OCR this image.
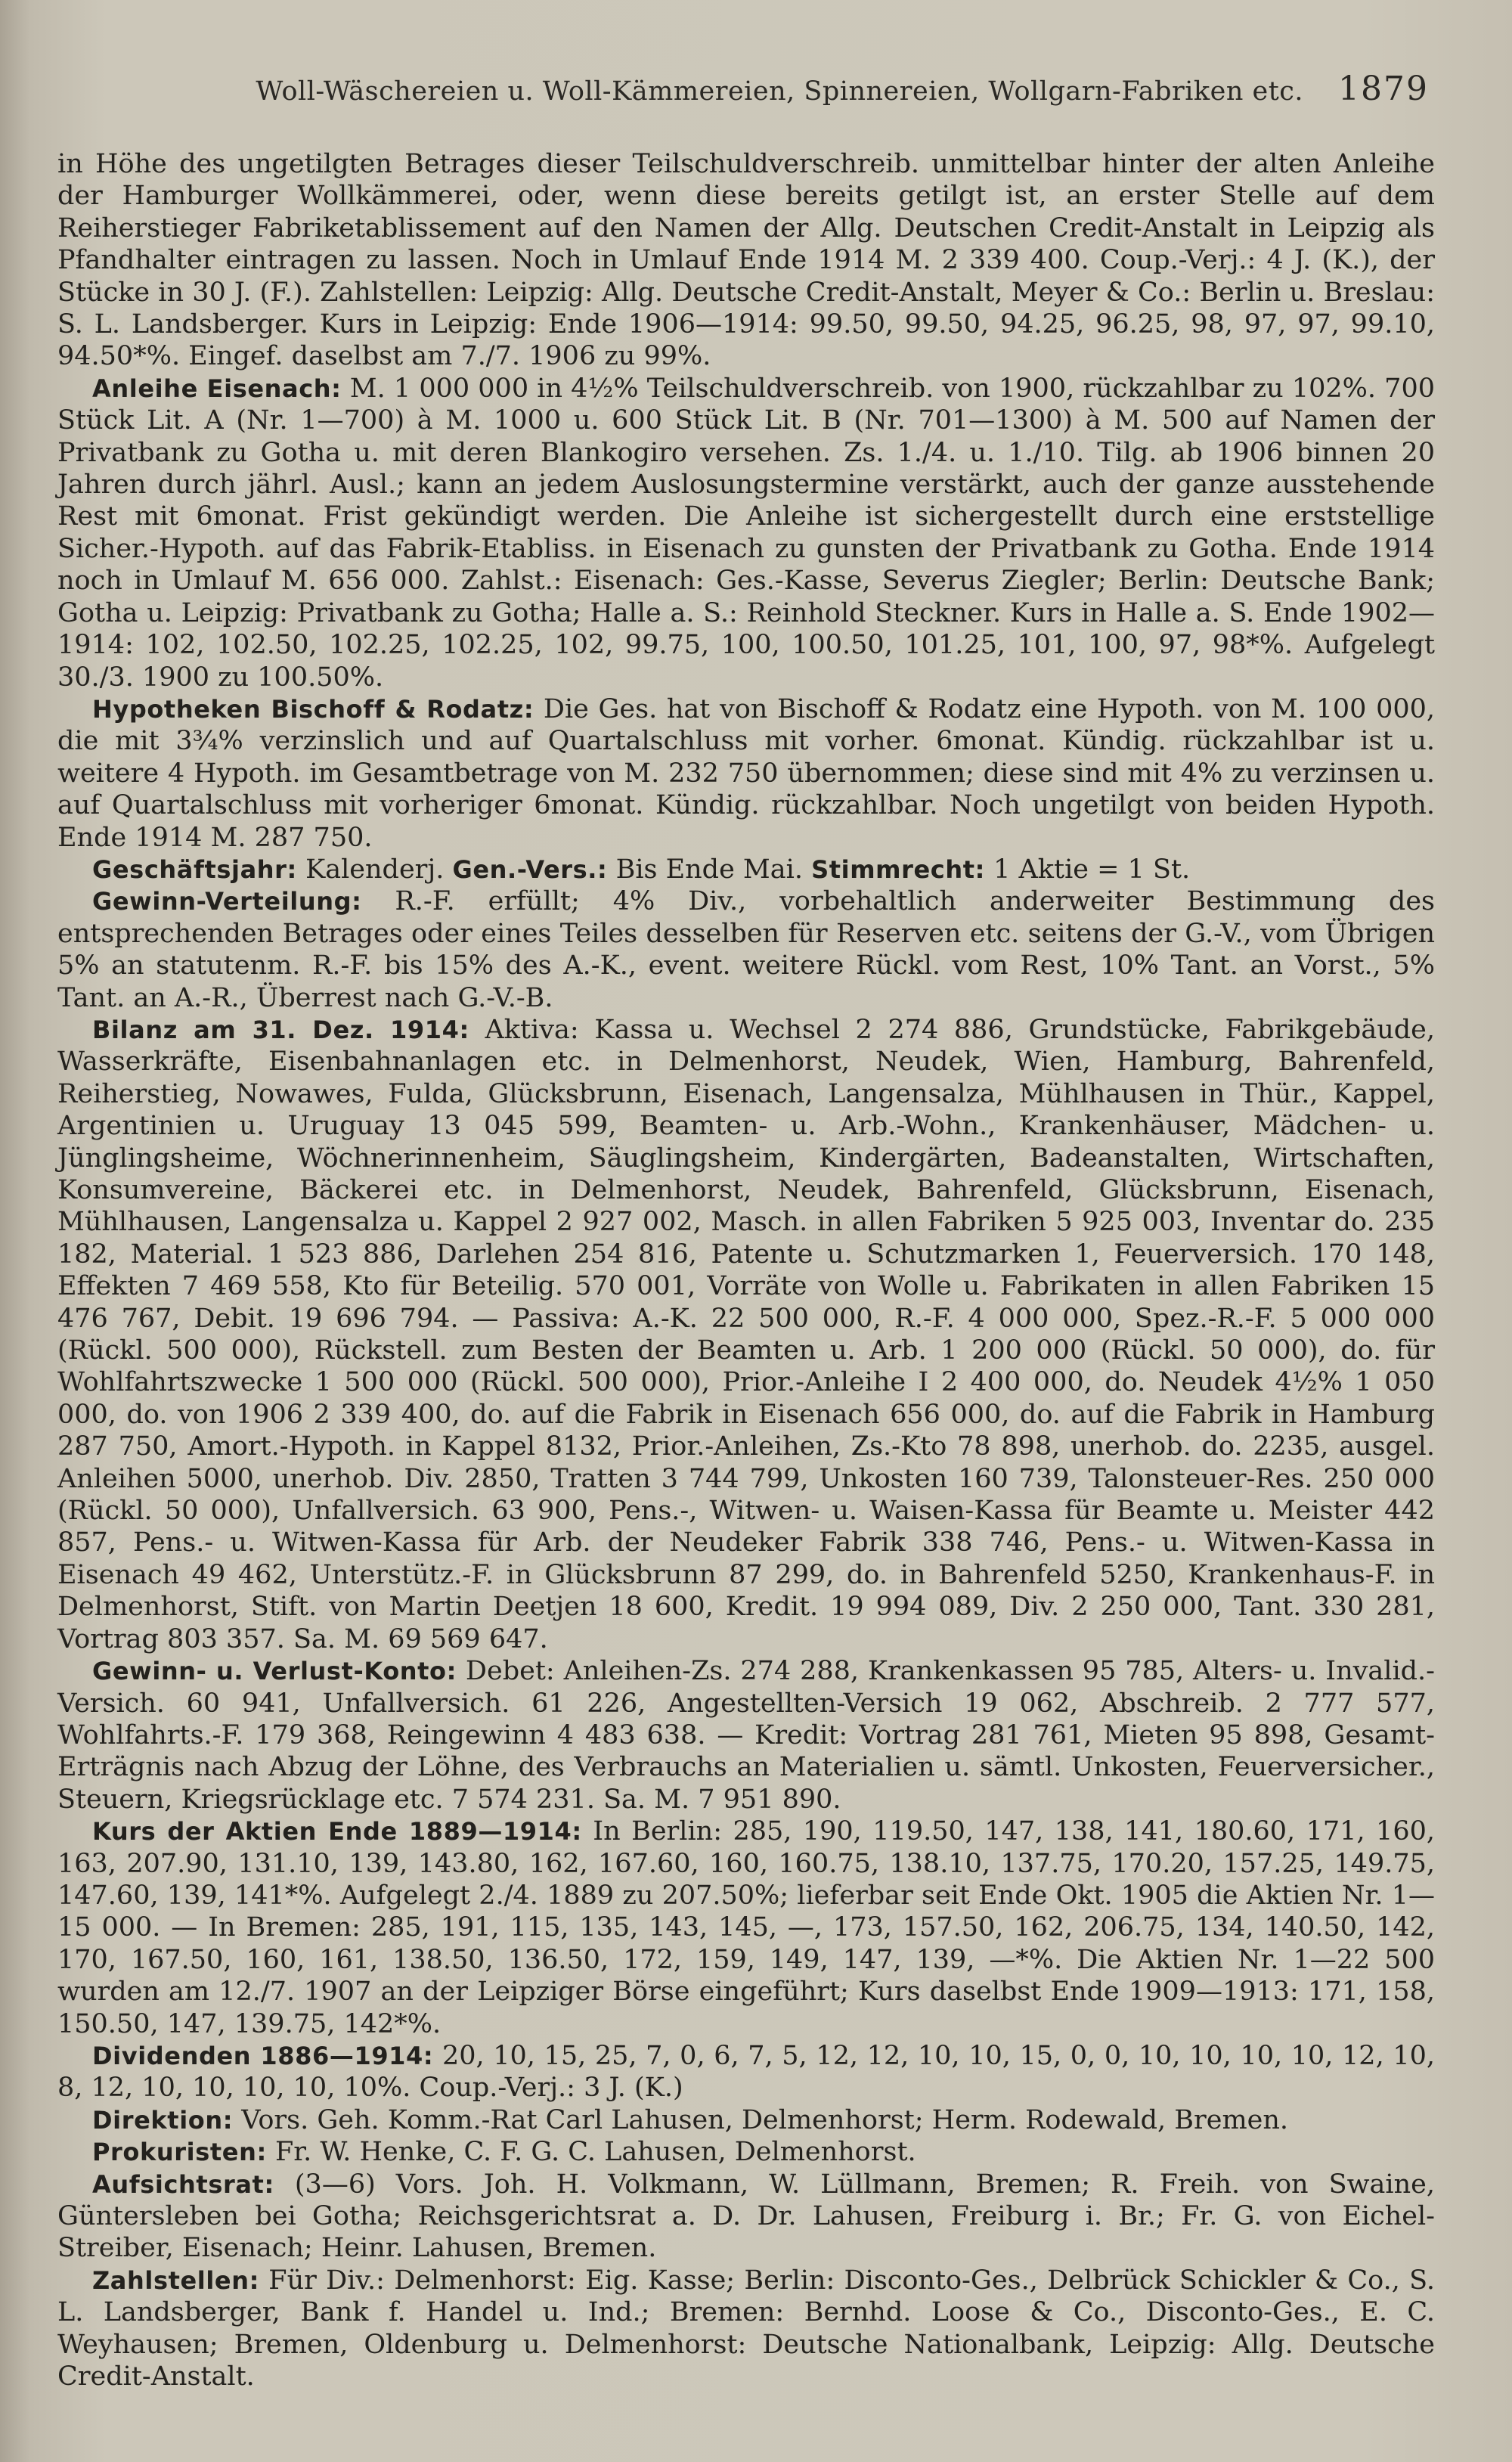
Woll-Wäschereien u. Woll-Kämmereien, Spinnereien, Wollgarn-Fabriken etc. 1879

in Höhe des ungetilgten Betrages dieser Teilschuldverschreib. unmittelbar hinter der alten Anleihe der Hamburger Wollkämmerei, oder, wenn diese bereits getilgt ist, an erster Stelle auf dem Reiherstieger Fabriketablissement auf den Namen der Allg. Deutschen Credit-Anstalt in Leipzig als Pfandhalter eintragen zu lassen. Noch in Umlauf Ende 1914 M. 2 339 400. Coup.-Verj.: 4 J. (K.), der Stücke in 30 J. (F.). Zahlstellen: Leipzig: Allg. Deutsche Credit-Anstalt, Meyer & Co.: Berlin u. Breslau: S. L. Landsberger. Kurs in Leipzig: Ende 1906—1914: 99.50, 99.50, 94.25, 96.25, 98, 97, 97, 99.10, 94.50*%. Eingef. daselbst am 7./7. 1906 zu 99%.

Anleihe Eisenach: M. 1 000 000 in 4½% Teilschuldverschreib. von 1900, rückzahlbar zu 102%. 700 Stück Lit. A (Nr. 1—700) à M. 1000 u. 600 Stück Lit. B (Nr. 701—1300) à M. 500 auf Namen der Privatbank zu Gotha u. mit deren Blankogiro versehen. Zs. 1./4. u. 1./10. Tilg. ab 1906 binnen 20 Jahren durch jährl. Ausl.; kann an jedem Auslosungstermine verstärkt, auch der ganze ausstehende Rest mit 6monat. Frist gekündigt werden. Die Anleihe ist sichergestellt durch eine erststellige Sicher.-Hypoth. auf das Fabrik-Etabliss. in Eisenach zu gunsten der Privatbank zu Gotha. Ende 1914 noch in Umlauf M. 656 000. Zahlst.: Eisenach: Ges.-Kasse, Severus Ziegler; Berlin: Deutsche Bank; Gotha u. Leipzig: Privatbank zu Gotha; Halle a. S.: Reinhold Steckner. Kurs in Halle a. S. Ende 1902—1914: 102, 102.50, 102.25, 102.25, 102, 99.75, 100, 100.50, 101.25, 101, 100, 97, 98*%. Aufgelegt 30./3. 1900 zu 100.50%.

Hypotheken Bischoff & Rodatz: Die Ges. hat von Bischoff & Rodatz eine Hypoth. von M. 100 000, die mit 3¾% verzinslich und auf Quartalschluss mit vorher. 6monat. Kündig. rückzahlbar ist u. weitere 4 Hypoth. im Gesamtbetrage von M. 232 750 übernommen; diese sind mit 4% zu verzinsen u. auf Quartalschluss mit vorheriger 6monat. Kündig. rückzahlbar. Noch ungetilgt von beiden Hypoth. Ende 1914 M. 287 750.

Geschäftsjahr: Kalenderj. Gen.-Vers.: Bis Ende Mai. Stimmrecht: 1 Aktie = 1 St.

Gewinn-Verteilung: R.-F. erfüllt; 4% Div., vorbehaltlich anderweiter Bestimmung des entsprechenden Betrages oder eines Teiles desselben für Reserven etc. seitens der G.-V., vom Übrigen 5% an statutenm. R.-F. bis 15% des A.-K., event. weitere Rückl. vom Rest, 10% Tant. an Vorst., 5% Tant. an A.-R., Überrest nach G.-V.-B.

Bilanz am 31. Dez. 1914: Aktiva: Kassa u. Wechsel 2 274 886, Grundstücke, Fabrikgebäude, Wasserkräfte, Eisenbahnanlagen etc. in Delmenhorst, Neudek, Wien, Hamburg, Bahrenfeld, Reiherstieg, Nowawes, Fulda, Glücksbrunn, Eisenach, Langensalza, Mühlhausen in Thür., Kappel, Argentinien u. Uruguay 13 045 599, Beamten- u. Arb.-Wohn., Krankenhäuser, Mädchen- u. Jünglingsheime, Wöchnerinnenheim, Säuglingsheim, Kindergärten, Badeanstalten, Wirtschaften, Konsumvereine, Bäckerei etc. in Delmenhorst, Neudek, Bahrenfeld, Glücksbrunn, Eisenach, Mühlhausen, Langensalza u. Kappel 2 927 002, Masch. in allen Fabriken 5 925 003, Inventar do. 235 182, Material. 1 523 886, Darlehen 254 816, Patente u. Schutzmarken 1, Feuerversich. 170 148, Effekten 7 469 558, Kto für Beteilig. 570 001, Vorräte von Wolle u. Fabrikaten in allen Fabriken 15 476 767, Debit. 19 696 794. — Passiva: A.-K. 22 500 000, R.-F. 4 000 000, Spez.-R.-F. 5 000 000 (Rückl. 500 000), Rückstell. zum Besten der Beamten u. Arb. 1 200 000 (Rückl. 50 000), do. für Wohlfahrtszwecke 1 500 000 (Rückl. 500 000), Prior.-Anleihe I 2 400 000, do. Neudek 4½% 1 050 000, do. von 1906 2 339 400, do. auf die Fabrik in Eisenach 656 000, do. auf die Fabrik in Hamburg 287 750, Amort.-Hypoth. in Kappel 8132, Prior.-Anleihen, Zs.-Kto 78 898, unerhob. do. 2235, ausgel. Anleihen 5000, unerhob. Div. 2850, Tratten 3 744 799, Unkosten 160 739, Talonsteuer-Res. 250 000 (Rückl. 50 000), Unfallversich. 63 900, Pens.-, Witwen- u. Waisen-Kassa für Beamte u. Meister 442 857, Pens.- u. Witwen-Kassa für Arb. der Neudeker Fabrik 338 746, Pens.- u. Witwen-Kassa in Eisenach 49 462, Unterstütz.-F. in Glücksbrunn 87 299, do. in Bahrenfeld 5250, Krankenhaus-F. in Delmenhorst, Stift. von Martin Deetjen 18 600, Kredit. 19 994 089, Div. 2 250 000, Tant. 330 281, Vortrag 803 357. Sa. M. 69 569 647.

Gewinn- u. Verlust-Konto: Debet: Anleihen-Zs. 274 288, Krankenkassen 95 785, Alters- u. Invalid.-Versich. 60 941, Unfallversich. 61 226, Angestellten-Versich 19 062, Abschreib. 2 777 577, Wohlfahrts.-F. 179 368, Reingewinn 4 483 638. — Kredit: Vortrag 281 761, Mieten 95 898, Gesamt-Erträgnis nach Abzug der Löhne, des Verbrauchs an Materialien u. sämtl. Unkosten, Feuerversicher., Steuern, Kriegsrücklage etc. 7 574 231. Sa. M. 7 951 890.

Kurs der Aktien Ende 1889—1914: In Berlin: 285, 190, 119.50, 147, 138, 141, 180.60, 171, 160, 163, 207.90, 131.10, 139, 143.80, 162, 167.60, 160, 160.75, 138.10, 137.75, 170.20, 157.25, 149.75, 147.60, 139, 141*%. Aufgelegt 2./4. 1889 zu 207.50%; lieferbar seit Ende Okt. 1905 die Aktien Nr. 1—15 000. — In Bremen: 285, 191, 115, 135, 143, 145, —, 173, 157.50, 162, 206.75, 134, 140.50, 142, 170, 167.50, 160, 161, 138.50, 136.50, 172, 159, 149, 147, 139, —*%. Die Aktien Nr. 1—22 500 wurden am 12./7. 1907 an der Leipziger Börse eingeführt; Kurs daselbst Ende 1909—1913: 171, 158, 150.50, 147, 139.75, 142*%.

Dividenden 1886—1914: 20, 10, 15, 25, 7, 0, 6, 7, 5, 12, 12, 10, 10, 15, 0, 0, 10, 10, 10, 10, 12, 10, 8, 12, 10, 10, 10, 10, 10%. Coup.-Verj.: 3 J. (K.)

Direktion: Vors. Geh. Komm.-Rat Carl Lahusen, Delmenhorst; Herm. Rodewald, Bremen.

Prokuristen: Fr. W. Henke, C. F. G. C. Lahusen, Delmenhorst.

Aufsichtsrat: (3—6) Vors. Joh. H. Volkmann, W. Lüllmann, Bremen; R. Freih. von Swaine, Güntersleben bei Gotha; Reichsgerichtsrat a. D. Dr. Lahusen, Freiburg i. Br.; Fr. G. von Eichel-Streiber, Eisenach; Heinr. Lahusen, Bremen.

Zahlstellen: Für Div.: Delmenhorst: Eig. Kasse; Berlin: Disconto-Ges., Delbrück Schickler & Co., S. L. Landsberger, Bank f. Handel u. Ind.; Bremen: Bernhd. Loose & Co., Disconto-Ges., E. C. Weyhausen; Bremen, Oldenburg u. Delmenhorst: Deutsche Nationalbank, Leipzig: Allg. Deutsche Credit-Anstalt.
